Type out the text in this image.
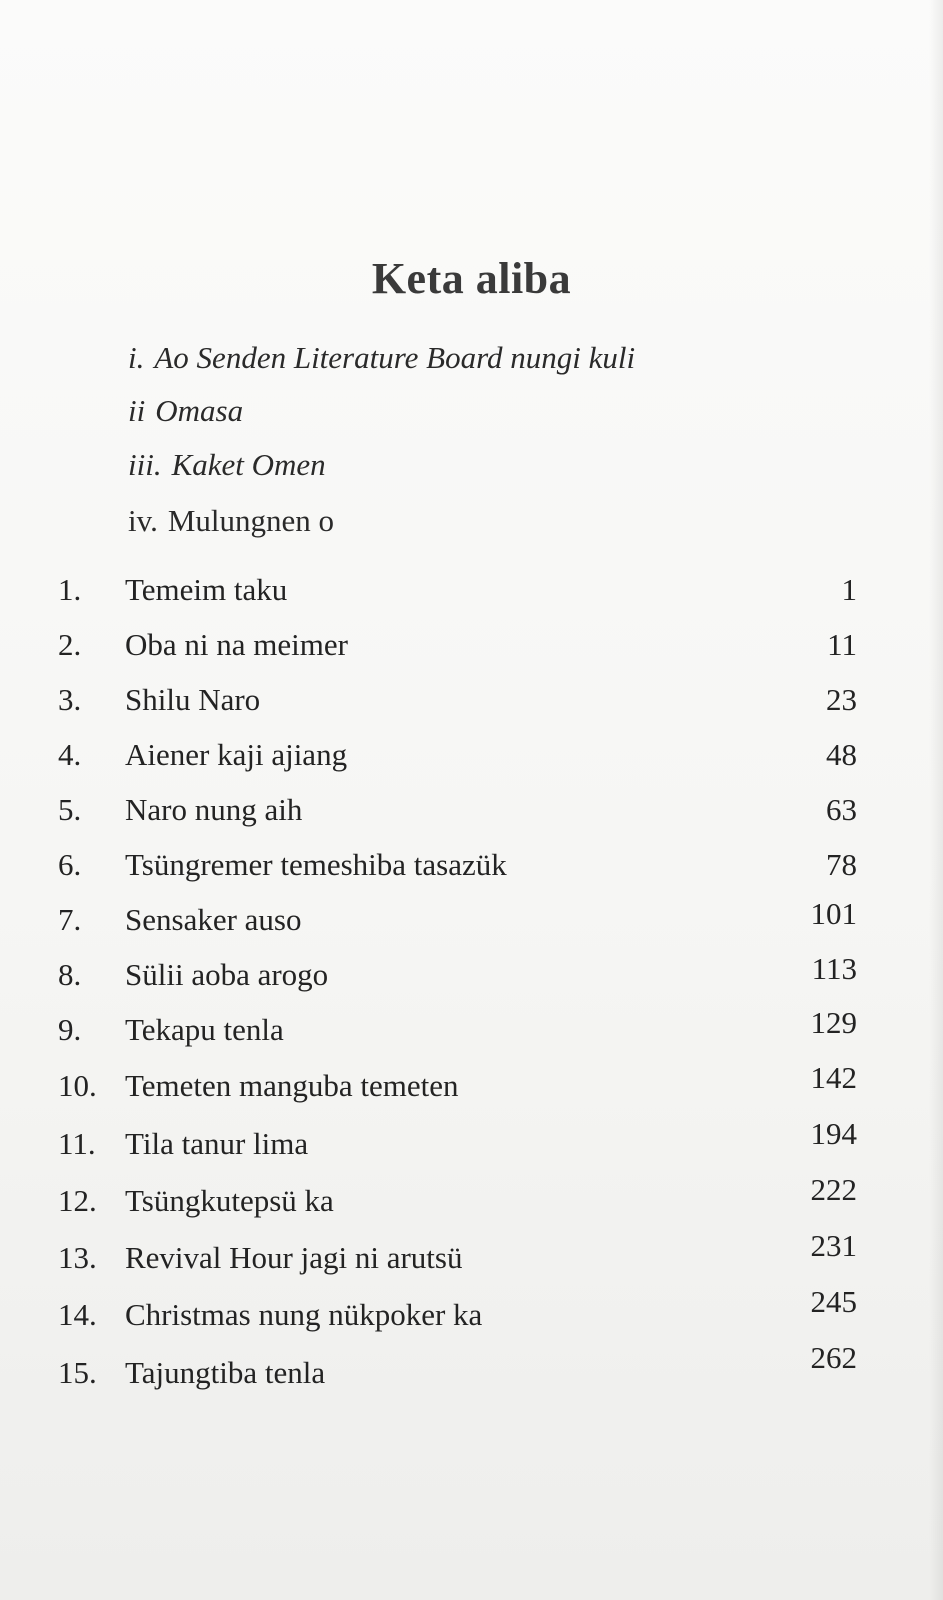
Keta aliba
i. Ao Senden Literature Board nungi kuli
ii Omasa
iii. Kaket Omen
iv. Mulungnen o
1. Temeim taku	1
2. Oba ni na meimer	11
3. Shilu Naro	23
4. Aiener kaji ajiang	48
5. Naro nung aih	63
6. Tsüngremer temeshiba tasazük	78
7. Sensaker auso	101
8. Sülii aoba arogo	113
9. Tekapu tenla	129
10. Temeten manguba temeten	142
11. Tila tanur lima	194
12. Tsüngkutepsü ka	222
13. Revival Hour jagi ni arutsü	231
14. Christmas nung nükpoker ka	245
15. Tajungtiba tenla	262
